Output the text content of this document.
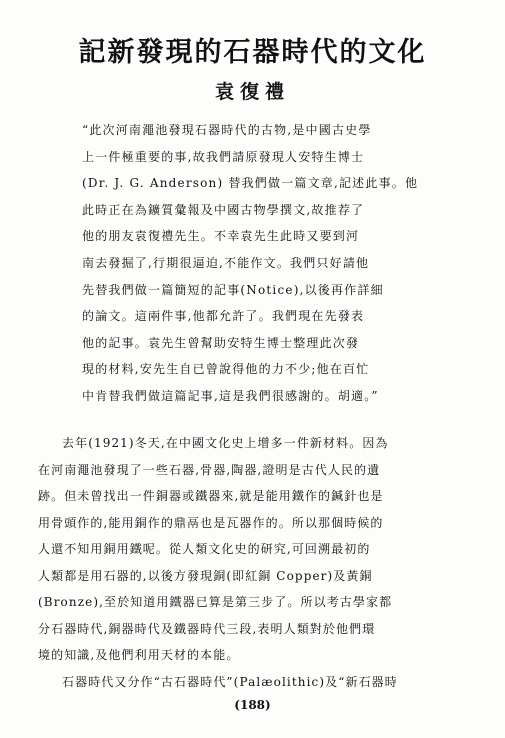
記新發現的石器時代的文化
袁復禮
“此次河南澠池發現石器時代的古物,是中國古史學
上一件極重要的事,故我們請原發現人安特生博士
(Dr. J. G. Anderson) 替我們做一篇文章,記述此事。他
此時正在為鑛質彙報及中國古物學撰文,故推荐了
他的朋友袁復禮先生。不幸袁先生此時又要到河
南去發掘了,行期很逼迫,不能作文。我們只好請他
先替我們做一篇簡短的記事(Notice),以後再作詳細
的論文。這兩件事,他都允許了。我們現在先發表
他的記事。袁先生曾幫助安特生博士整理此次發
現的材料,安先生自已曾說得他的力不少;他在百忙
中肯替我們做這篇記事,這是我們很感謝的。胡適。”
去年(1921)冬天,在中國文化史上增多一件新材料。因為
在河南澠池發現了一些石器,骨器,陶器,證明是古代人民的遺
跡。但未曾找出一件銅器或鐵器來,就是能用鐵作的鍼針也是
用骨頭作的,能用銅作的鼎鬲也是瓦器作的。所以那個時候的
人還不知用銅用鐵呢。從人類文化史的研究,可回溯最初的
人類都是用石器的,以後方發現銅(即紅銅 Copper)及黃銅
(Bronze),至於知道用鐵器已算是第三步了。所以考古學家都
分石器時代,銅器時代及鐵器時代三段,表明人類對於他們環
境的知識,及他們利用天材的本能。
石器時代又分作“古石器時代”(Palæolithic)及“新石器時
(188)
